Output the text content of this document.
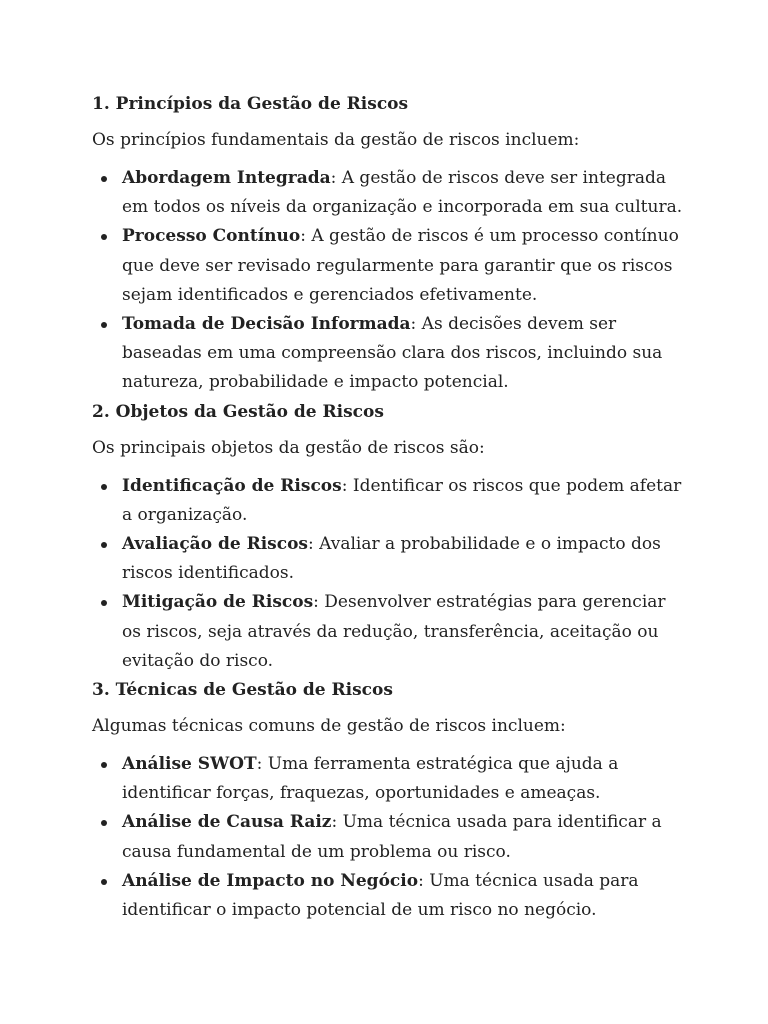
1. Princípios da Gestão de Riscos

Os princípios fundamentais da gestão de riscos incluem:

Abordagem Integrada: A gestão de riscos deve ser integrada em todos os níveis da organização e incorporada em sua cultura.
Processo Contínuo: A gestão de riscos é um processo contínuo que deve ser revisado regularmente para garantir que os riscos sejam identificados e gerenciados efetivamente.
Tomada de Decisão Informada: As decisões devem ser baseadas em uma compreensão clara dos riscos, incluindo sua natureza, probabilidade e impacto potencial.
2. Objetos da Gestão de Riscos

Os principais objetos da gestão de riscos são:

Identificação de Riscos: Identificar os riscos que podem afetar a organização.
Avaliação de Riscos: Avaliar a probabilidade e o impacto dos riscos identificados.
Mitigação de Riscos: Desenvolver estratégias para gerenciar os riscos, seja através da redução, transferência, aceitação ou evitação do risco.
3. Técnicas de Gestão de Riscos

Algumas técnicas comuns de gestão de riscos incluem:

Análise SWOT: Uma ferramenta estratégica que ajuda a identificar forças, fraquezas, oportunidades e ameaças.
Análise de Causa Raiz: Uma técnica usada para identificar a causa fundamental de um problema ou risco.
Análise de Impacto no Negócio: Uma técnica usada para identificar o impacto potencial de um risco no negócio.
